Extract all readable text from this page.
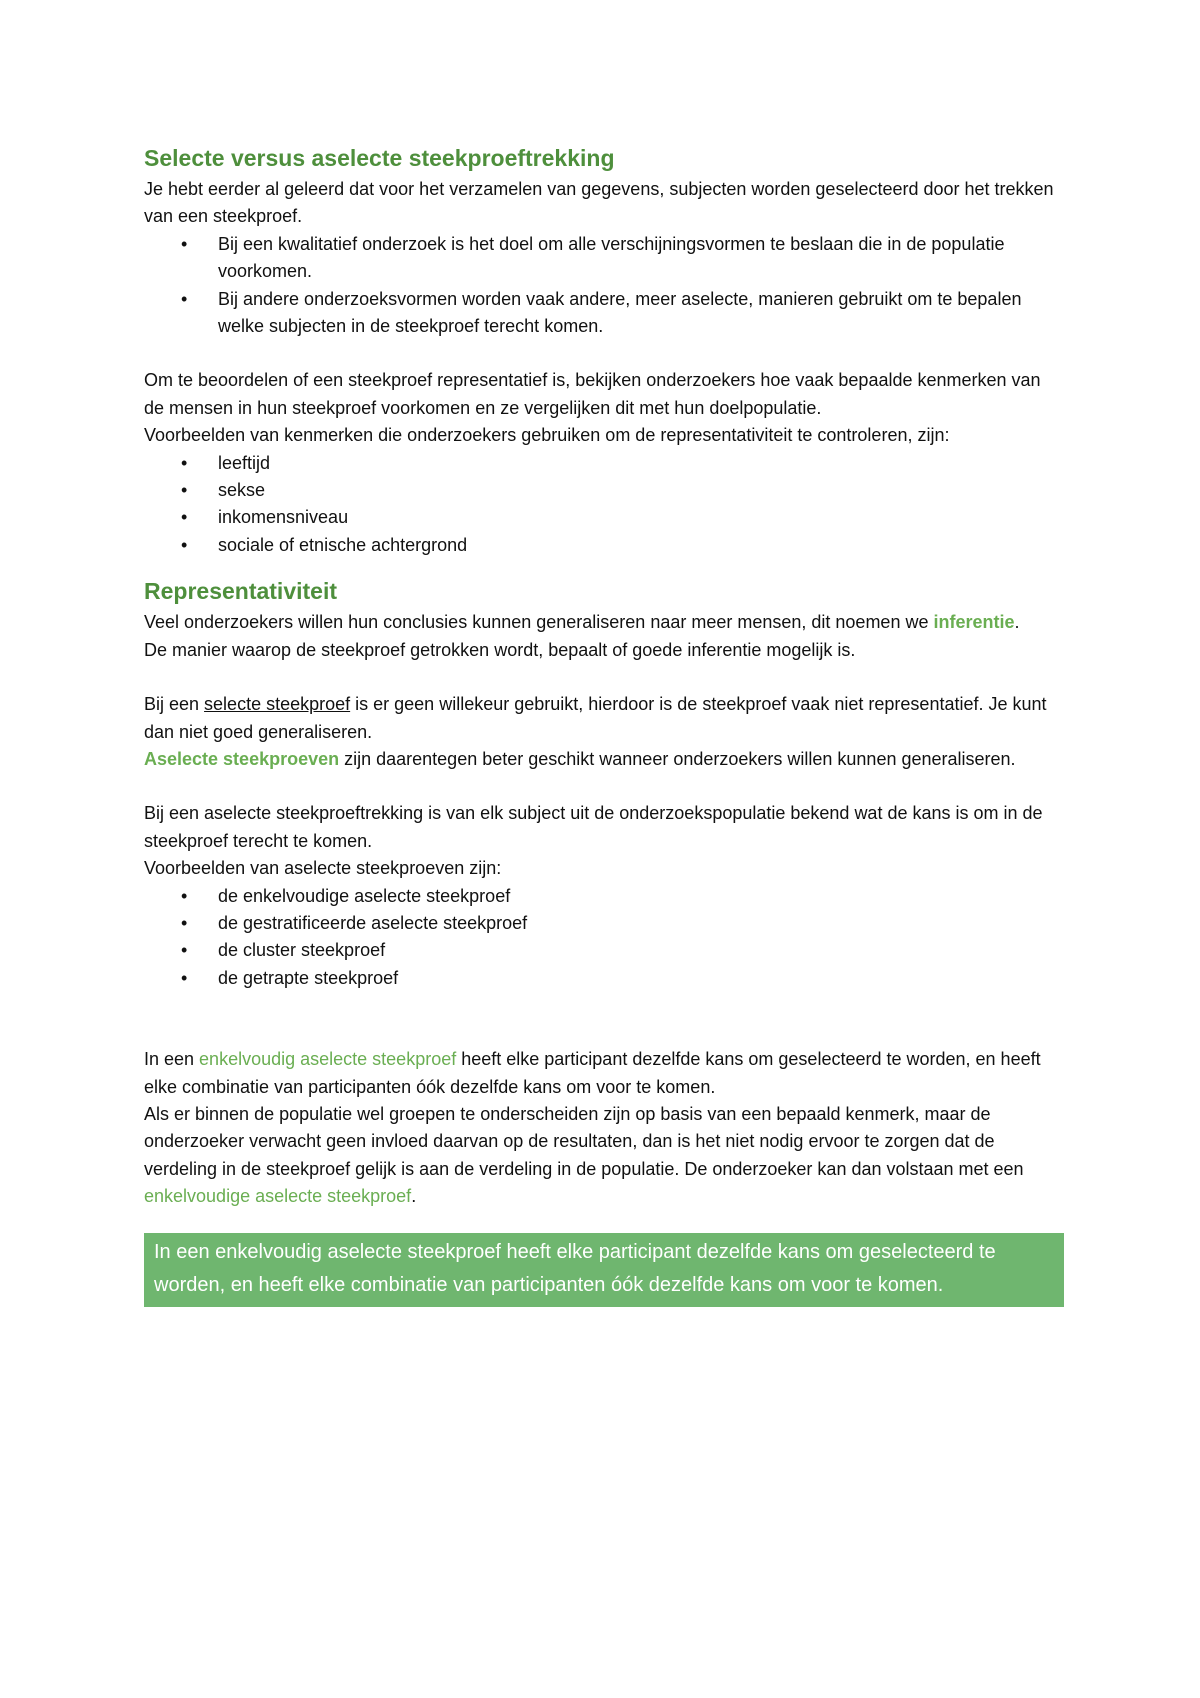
Selecte versus aselecte steekproeftrekking

Je hebt eerder al geleerd dat voor het verzamelen van gegevens, subjecten worden geselecteerd door het trekken van een steekproef.

• Bij een kwalitatief onderzoek is het doel om alle verschijningsvormen te beslaan die in de populatie voorkomen.
• Bij andere onderzoeksvormen worden vaak andere, meer aselecte, manieren gebruikt om te bepalen welke subjecten in de steekproef terecht komen.

Om te beoordelen of een steekproef representatief is, bekijken onderzoekers hoe vaak bepaalde kenmerken van de mensen in hun steekproef voorkomen en ze vergelijken dit met hun doelpopulatie.

Voorbeelden van kenmerken die onderzoekers gebruiken om de representativiteit te controleren, zijn:

• leeftijd
• sekse
• inkomensniveau
• sociale of etnische achtergrond
Representativiteit

Veel onderzoekers willen hun conclusies kunnen generaliseren naar meer mensen, dit noemen we inferentie.

De manier waarop de steekproef getrokken wordt, bepaalt of goede inferentie mogelijk is.

Bij een selecte steekproef is er geen willekeur gebruikt, hierdoor is de steekproef vaak niet representatief. Je kunt dan niet goed generaliseren.

Aselecte steekproeven zijn daarentegen beter geschikt wanneer onderzoekers willen kunnen generaliseren.

Bij een aselecte steekproeftrekking is van elk subject uit de onderzoekspopulatie bekend wat de kans is om in de steekproef terecht te komen.

Voorbeelden van aselecte steekproeven zijn:

• de enkelvoudige aselecte steekproef
• de gestratificeerde aselecte steekproef
• de cluster steekproef
• de getrapte steekproef

In een enkelvoudig aselecte steekproef heeft elke participant dezelfde kans om geselecteerd te worden, en heeft elke combinatie van participanten óók dezelfde kans om voor te komen.

Als er binnen de populatie wel groepen te onderscheiden zijn op basis van een bepaald kenmerk, maar de onderzoeker verwacht geen invloed daarvan op de resultaten, dan is het niet nodig ervoor te zorgen dat de verdeling in de steekproef gelijk is aan de verdeling in de populatie. De onderzoeker kan dan volstaan met een enkelvoudige aselecte steekproef.

In een enkelvoudig aselecte steekproef heeft elke participant dezelfde kans om geselecteerd te worden, en heeft elke combinatie van participanten óók dezelfde kans om voor te komen.
